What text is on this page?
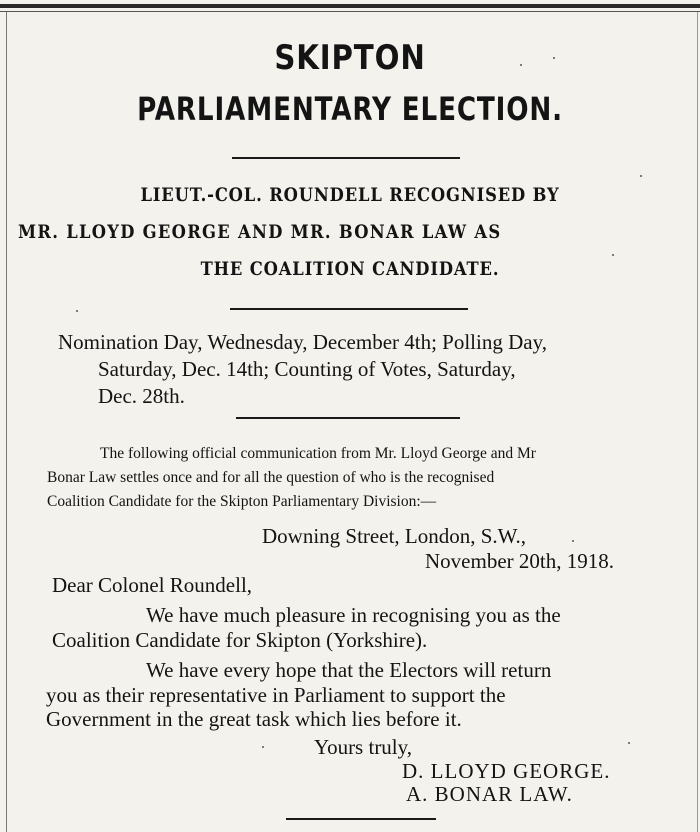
SKIPTON
PARLIAMENTARY ELECTION.
LIEUT.-COL. ROUNDELL RECOGNISED BY
MR. LLOYD GEORGE AND MR. BONAR LAW AS
THE COALITION CANDIDATE.
Nomination Day, Wednesday, December 4th; Polling Day,
Saturday, Dec. 14th; Counting of Votes, Saturday,
Dec. 28th.
The following official communication from Mr. Lloyd George and Mr
Bonar Law settles once and for all the question of who is the recognised
Coalition Candidate for the Skipton Parliamentary Division:—
Downing Street, London, S.W.,
November 20th, 1918.
Dear Colonel Roundell,
We have much pleasure in recognising you as the
Coalition Candidate for Skipton (Yorkshire).
We have every hope that the Electors will return
you as their representative in Parliament to support the
Government in the great task which lies before it.
Yours truly,
D. LLOYD GEORGE.
A. BONAR LAW.
